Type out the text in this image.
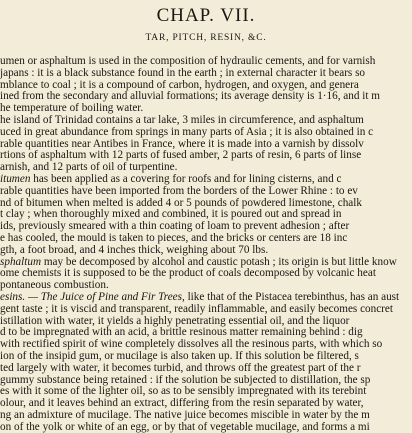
CHAP. VII.
TAR, PITCH, RESIN, &C.
umen or asphaltum is used in the composition of hydraulic cements, and for varnish
japans : it is a black substance found in the earth ; in external character it bears so
mblance to coal ; it is a compound of carbon, hydrogen, and oxygen, and genera
ined from the secondary and alluvial formations; its average density is 1·16, and it m
he temperature of boiling water.
he island of Trinidad contains a tar lake, 3 miles in circumference, and asphaltum
uced in great abundance from springs in many parts of Asia ; it is also obtained in c
rable quantities near Antibes in France, where it is made into a varnish by dissolv
rtions of asphaltum with 12 parts of fused amber, 2 parts of resin, 6 parts of linse
arnish, and 12 parts of oil of turpentine.
itumen has been applied as a covering for roofs and for lining cisterns, and c
rable quantities have been imported from the borders of the Lower Rhine : to ev
nd of bitumen when melted is added 4 or 5 pounds of powdered limestone, chalk
t clay ; when thoroughly mixed and combined, it is poured out and spread in
ids, previously smeared with a thin coating of loam to prevent adhesion ; after
e has cooled, the mould is taken to pieces, and the bricks or centers are 18 inc
gth, a foot broad, and 4 inches thick, weighing about 70 lbs.
sphaltum may be decomposed by alcohol and caustic potash ; its origin is but little know
ome chemists it is supposed to be the product of coals decomposed by volcanic heat
pontaneous combustion.
esins. — The Juice of Pine and Fir Trees, like that of the Pistacea terebinthus, has an aust
gent taste ; it is viscid and transparent, readily inflammable, and easily becomes concret
istillation with water, it yields a highly penetrating essential oil, and the liquor
d to be impregnated with an acid, a brittle resinous matter remaining behind : dig
with rectified spirit of wine completely dissolves all the resinous parts, with which so
ion of the insipid gum, or mucilage is also taken up. If this solution be filtered, s
ted largely with water, it becomes turbid, and throws off the greatest part of the r
gummy substance being retained : if the solution be subjected to distillation, the sp
es with it some of the lighter oil, so as to be sensibly impregnated with its terebint
olour, and it leaves behind an extract, differing from the resin separated by water,
ng an admixture of mucilage. The native juice becomes miscible in water by the m
on of the yolk or white of an egg, or by that of vegetable mucilage, and forms a mi
